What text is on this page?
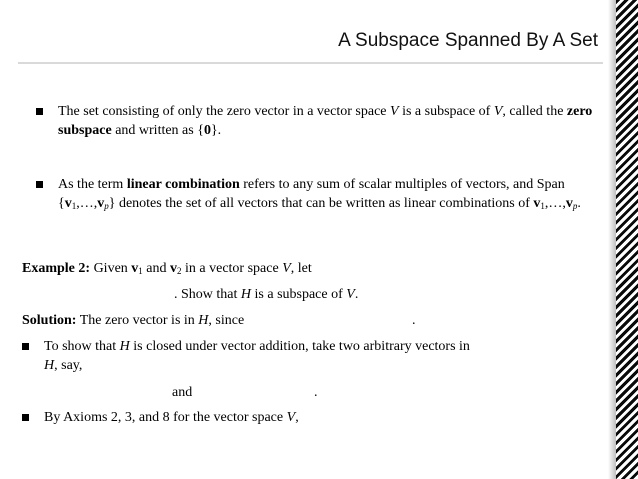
A Subspace Spanned By A Set
The set consisting of only the zero vector in a vector space V is a subspace of V, called the zero subspace and written as {0}.
As the term linear combination refers to any sum of scalar multiples of vectors, and Span $\{v_1,\dots,v_p\}$ denotes the set of all vectors that can be written as linear combinations of $v_1,\dots,v_p$.
Example 2: Given $v_1$ and $v_2$ in a vector space V, let
. Show that H is a subspace of V.
Solution: The zero vector is in H, since	.
To show that H is closed under vector addition, take two arbitrary vectors in
H, say,
and	.
By Axioms 2, 3, and 8 for the vector space V,
